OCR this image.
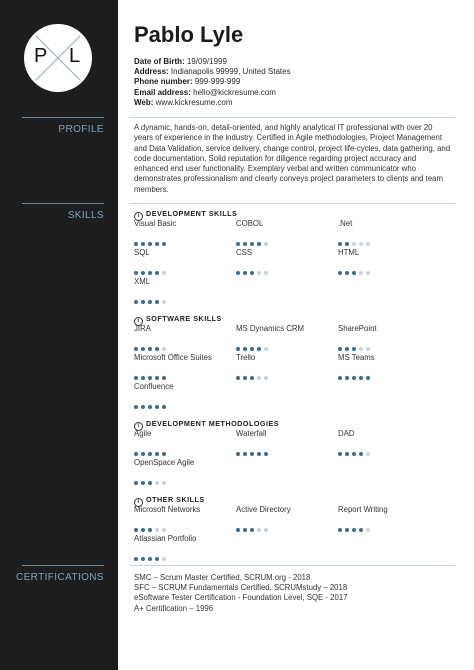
P L
PROFILE
SKILLS
CERTIFICATIONS
Pablo Lyle
Date of Birth: 19/09/1999
Address: Indianapolis 99999, United States
Phone number: 999-999-999
Email address: hello@kickresume.com
Web: www.kickresume.com
A dynamic, hands-on, detail-oriented, and highly analytical IT professional with over 20 years of experience in the industry. Certified in Agile methodologies, Project Management and Data Validation, service delivery, change control, project life-cycles, data gathering, and code documentation. Solid reputation for diligence regarding project accuracy and enhanced end user functionality. Exemplary verbal and written communicator who demonstrates professionalism and clearly conveys project parameters to clients and team members.
i DEVELOPMENT SKILLS
Visual Basic	COBOL	.Net
SQL	CSS	HTML
XML
i SOFTWARE SKILLS
JIRA	MS Dynamics CRM	SharePoint
Microsoft Office Suites	Trello	MS Teams
Confluence
i DEVELOPMENT METHODOLOGIES
Agile	Waterfall	DAD
OpenSpace Agile
i OTHER SKILLS
Microsoft Networks	Active Directory	Report Writing
Atlassian Portfolio
SMC – Scrum Master Certified, SCRUM.org - 2018
SFC – SCRUM Fundamentals Certified, SCRUMstudy – 2018
eSoftware Tester Certification - Foundation Level, SQE - 2017
A+ Certification – 1996
